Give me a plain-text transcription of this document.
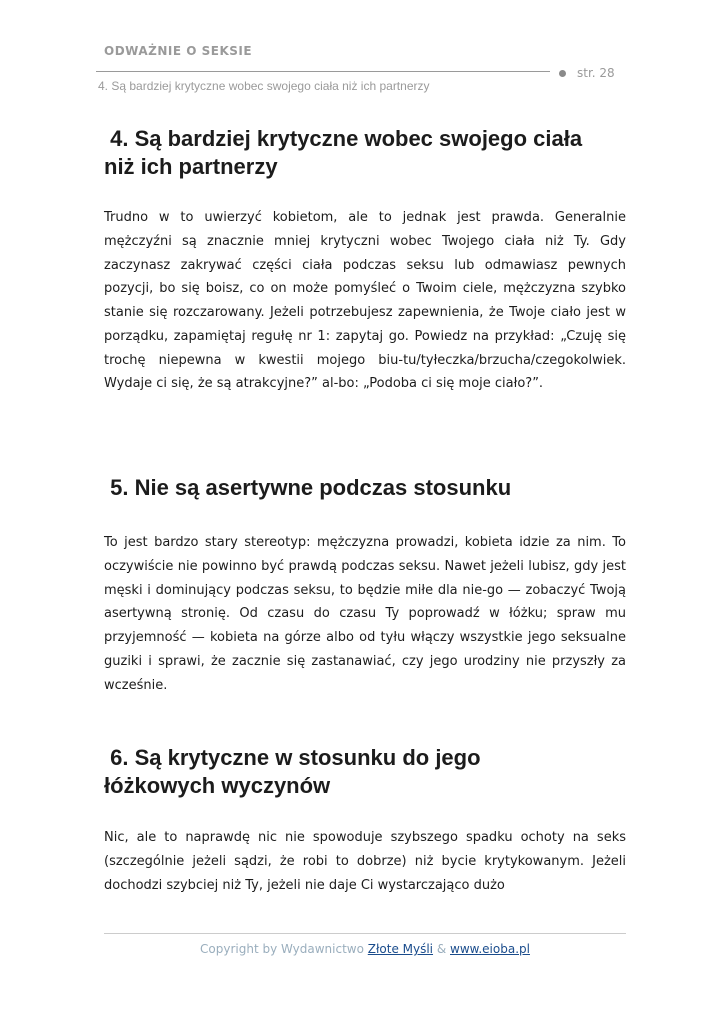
ODWAŻNIE O SEKSIE
str. 28
4. Są bardziej krytyczne wobec swojego ciała niż ich partnerzy
4. Są bardziej krytyczne wobec swojego ciała
niż ich partnerzy

Trudno w to uwierzyć kobietom, ale to jednak jest prawda. Generalnie mężczyźni są znacznie mniej krytyczni wobec Twojego ciała niż Ty. Gdy zaczynasz zakrywać części ciała podczas seksu lub odmawiasz pewnych pozycji, bo się boisz, co on może pomyśleć o Twoim ciele, mężczyzna szybko stanie się rozczarowany. Jeżeli potrzebujesz zapewnienia, że Twoje ciało jest w porządku, zapamiętaj regułę nr 1: zapytaj go. Powiedz na przykład: „Czuję się trochę niepewna w kwestii mojego biu-tu/tyłeczka/brzucha/czegokolwiek. Wydaje ci się, że są atrakcyjne?” al-bo: „Podoba ci się moje ciało?”.

5. Nie są asertywne podczas stosunku

To jest bardzo stary stereotyp: mężczyzna prowadzi, kobieta idzie za nim. To oczywiście nie powinno być prawdą podczas seksu. Nawet jeżeli lubisz, gdy jest męski i dominujący podczas seksu, to będzie miłe dla nie-go — zobaczyć Twoją asertywną stronię. Od czasu do czasu Ty poprowadź w łóżku; spraw mu przyjemność — kobieta na górze albo od tyłu włączy wszystkie jego seksualne guziki i sprawi, że zacznie się zastanawiać, czy jego urodziny nie przyszły za wcześnie.

6. Są krytyczne w stosunku do jego
łóżkowych wyczynów

Nic, ale to naprawdę nic nie spowoduje szybszego spadku ochoty na seks (szczególnie jeżeli sądzi, że robi to dobrze) niż bycie krytykowanym. Jeżeli dochodzi szybciej niż Ty, jeżeli nie daje Ci wystarczająco dużo

Copyright by Wydawnictwo Złote Myśli & www.eioba.pl
